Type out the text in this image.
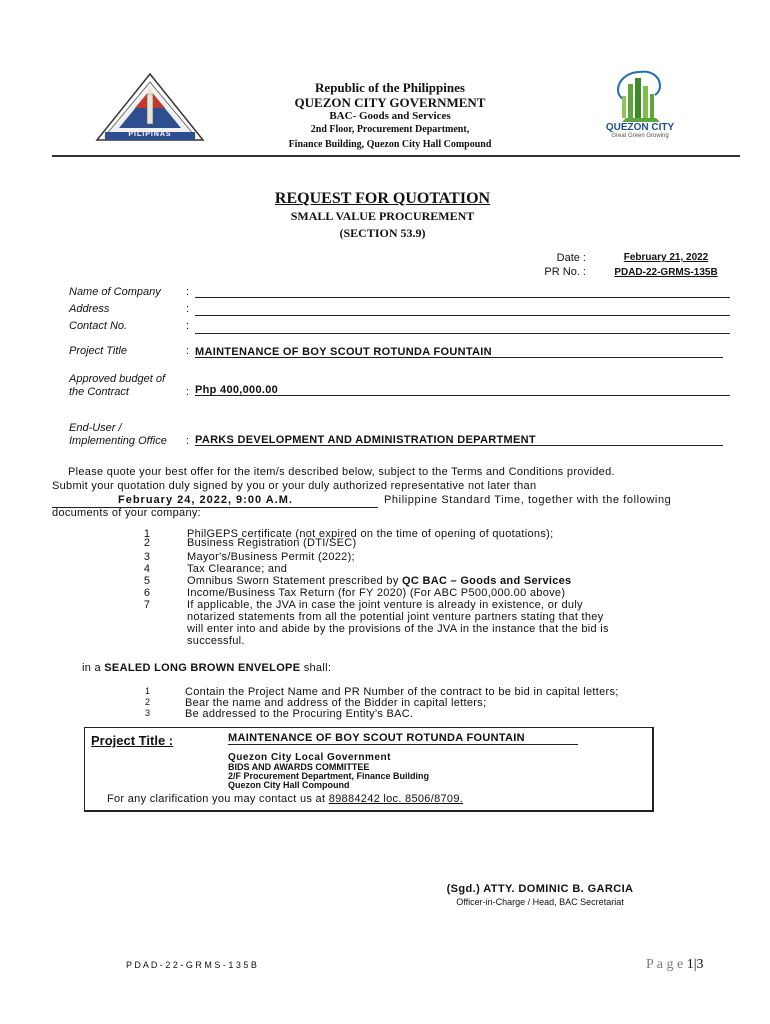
PILIPINAS
Republic of the Philippines
QUEZON CITY GOVERNMENT
BAC- Goods and Services
2nd Floor, Procurement Department,
Finance Building, Quezon City Hall Compound
QUEZON CITY
Great Green Growing
REQUEST FOR QUOTATION
SMALL VALUE PROCUREMENT
(SECTION 53.9)
Date :	February 21, 2022
PR No. :	PDAD-22-GRMS-135B
Name of Company :
Address	:
Contact No.	:
Project Title	: MAINTENANCE OF BOY SCOUT ROTUNDA FOUNTAIN
Approved budget of
the Contract	: Php 400,000.00
End-User /
Implementing Office : PARKS DEVELOPMENT AND ADMINISTRATION DEPARTMENT
Please quote your best offer for the item/s described below, subject to the Terms and Conditions provided.
Submit your quotation duly signed by you or your duly authorized representative not later than
February 24, 2022, 9:00 A.M.	Philippine Standard Time, together with the following
documents of your company:
1	PhilGEPS certificate (not expired on the time of opening of quotations);
2	Business Registration (DTI/SEC)
3	Mayor's/Business Permit (2022);
4	Tax Clearance; and
5	Omnibus Sworn Statement prescribed by QC BAC – Goods and Services
6	Income/Business Tax Return (for FY 2020) (For ABC P500,000.00 above)
7	If applicable, the JVA in case the joint venture is already in existence, or duly
notarized statements from all the potential joint venture partners stating that they
will enter into and abide by the provisions of the JVA in the instance that the bid is
successful.
in a SEALED LONG BROWN ENVELOPE shall:
1	Contain the Project Name and PR Number of the contract to be bid in capital letters;
2	Bear the name and address of the Bidder in capital letters;
3	Be addressed to the Procuring Entity's BAC.
Project Title :	MAINTENANCE OF BOY SCOUT ROTUNDA FOUNTAIN
Quezon City Local Government
BIDS AND AWARDS COMMITTEE
2/F Procurement Department, Finance Building
Quezon City Hall Compound
For any clarification you may contact us at 89884242 loc. 8506/8709.
(Sgd.) ATTY. DOMINIC B. GARCIA
Officer-in-Charge / Head, BAC Secretariat
P D A D - 2 2 - G R M S - 1 3 5 B	P a g e 1|3
